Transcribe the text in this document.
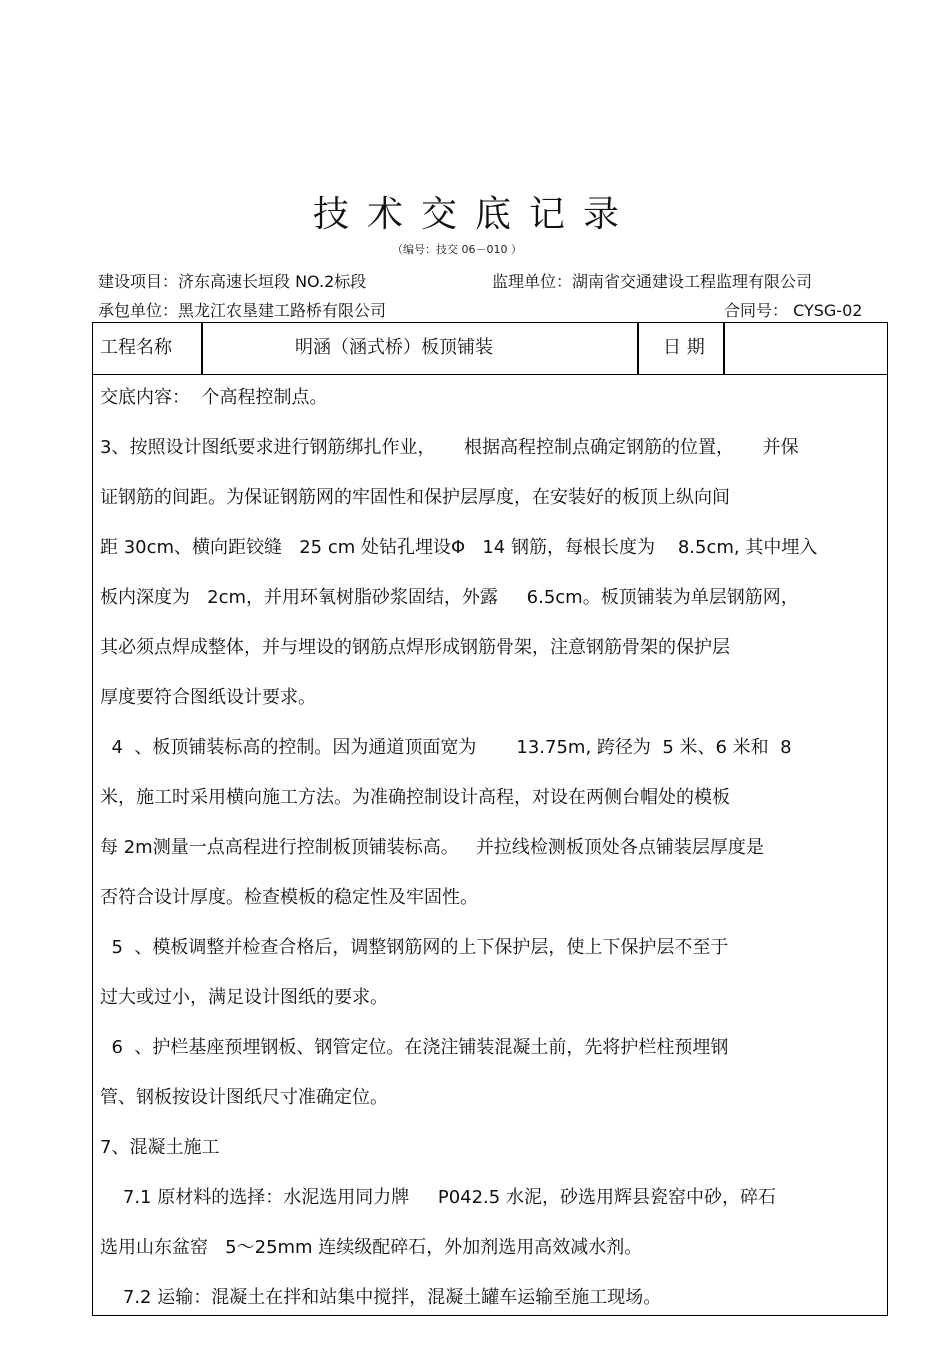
技术交底记录
（编号：技交 06－010 ）
建设项目：济东高速长垣段 NO.2标段	监理单位：湖南省交通建设工程监理有限公司
承包单位：黑龙江农垦建工路桥有限公司	合同号： CYSG-02
工程名称	明涵（涵式桥）板顶铺装	日 期
交底内容：  个高程控制点。
3、按照设计图纸要求进行钢筋绑扎作业，     根据高程控制点确定钢筋的位置，     并保
证钢筋的间距。为保证钢筋网的牢固性和保护层厚度，在安装好的板顶上纵向间
距 30cm、横向距铰缝   25 cm 处钻孔埋设Φ   14 钢筋，每根长度为    8.5cm, 其中埋入
板内深度为   2cm，并用环氧树脂砂浆固结，外露     6.5cm。板顶铺装为单层钢筋网，
其必须点焊成整体，并与埋设的钢筋点焊形成钢筋骨架，注意钢筋骨架的保护层
厚度要符合图纸设计要求。
4  、板顶铺装标高的控制。因为通道顶面宽为       13.75m, 跨径为  5 米、6 米和  8
米，施工时采用横向施工方法。为准确控制设计高程，对设在两侧台帽处的模板
每 2m测量一点高程进行控制板顶铺装标高。   并拉线检测板顶处各点铺装层厚度是
否符合设计厚度。检查模板的稳定性及牢固性。
5  、模板调整并检查合格后，调整钢筋网的上下保护层，使上下保护层不至于
过大或过小，满足设计图纸的要求。
6  、护栏基座预埋钢板、钢管定位。在浇注铺装混凝土前，先将护栏柱预埋钢
管、钢板按设计图纸尺寸准确定位。
7、混凝土施工
7.1 原材料的选择：水泥选用同力牌     P042.5 水泥，砂选用辉县瓷窑中砂，碎石
选用山东盆窑   5～25mm 连续级配碎石，外加剂选用高效减水剂。
7.2 运输：混凝土在拌和站集中搅拌，混凝土罐车运输至施工现场。
